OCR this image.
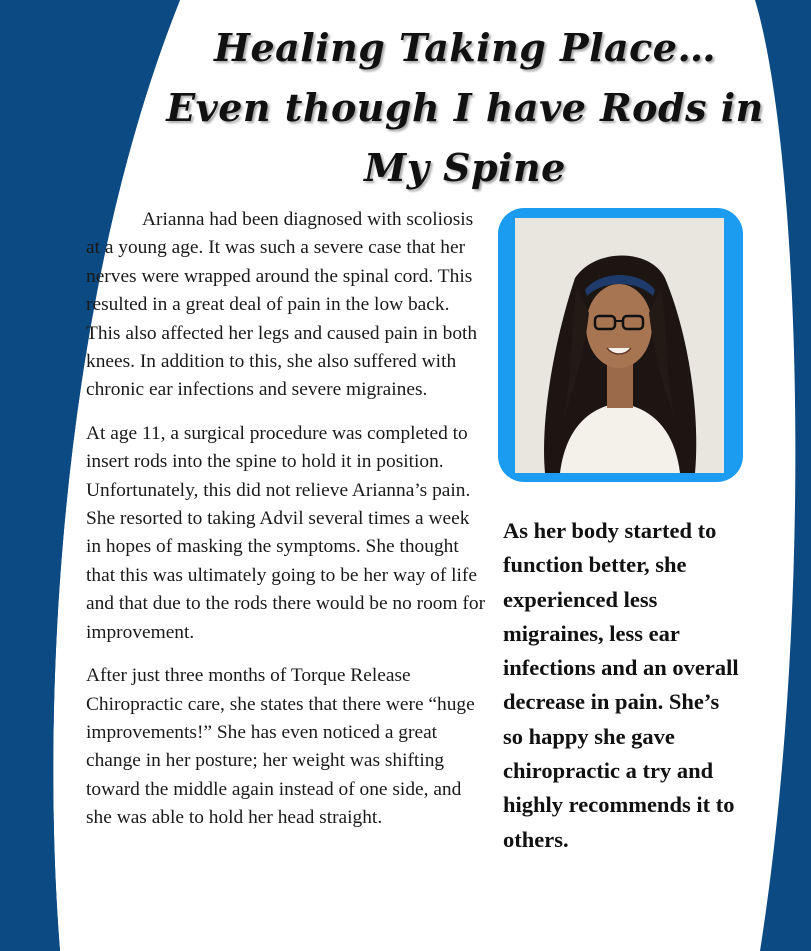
Healing Taking Place…
Even though I have Rods in
My Spine

Arianna had been diagnosed with scoliosis at a young age. It was such a severe case that her nerves were wrapped around the spinal cord. This resulted in a great deal of pain in the low back. This also affected her legs and caused pain in both knees. In addition to this, she also suffered with chronic ear infections and severe migraines.

At age 11, a surgical procedure was completed to insert rods into the spine to hold it in position. Unfortunately, this did not relieve Arianna’s pain. She resorted to taking Advil several times a week in hopes of masking the symptoms. She thought that this was ultimately going to be her way of life and that due to the rods there would be no room for improvement.

After just three months of Torque Release Chiropractic care, she states that there were “huge improvements!” She has even noticed a great change in her posture; her weight was shifting toward the middle again instead of one side, and she was able to hold her head straight.

As her body started to function better, she experienced less migraines, less ear infections and an overall decrease in pain. She’s so happy she gave chiropractic a try and highly recommends it to others.
